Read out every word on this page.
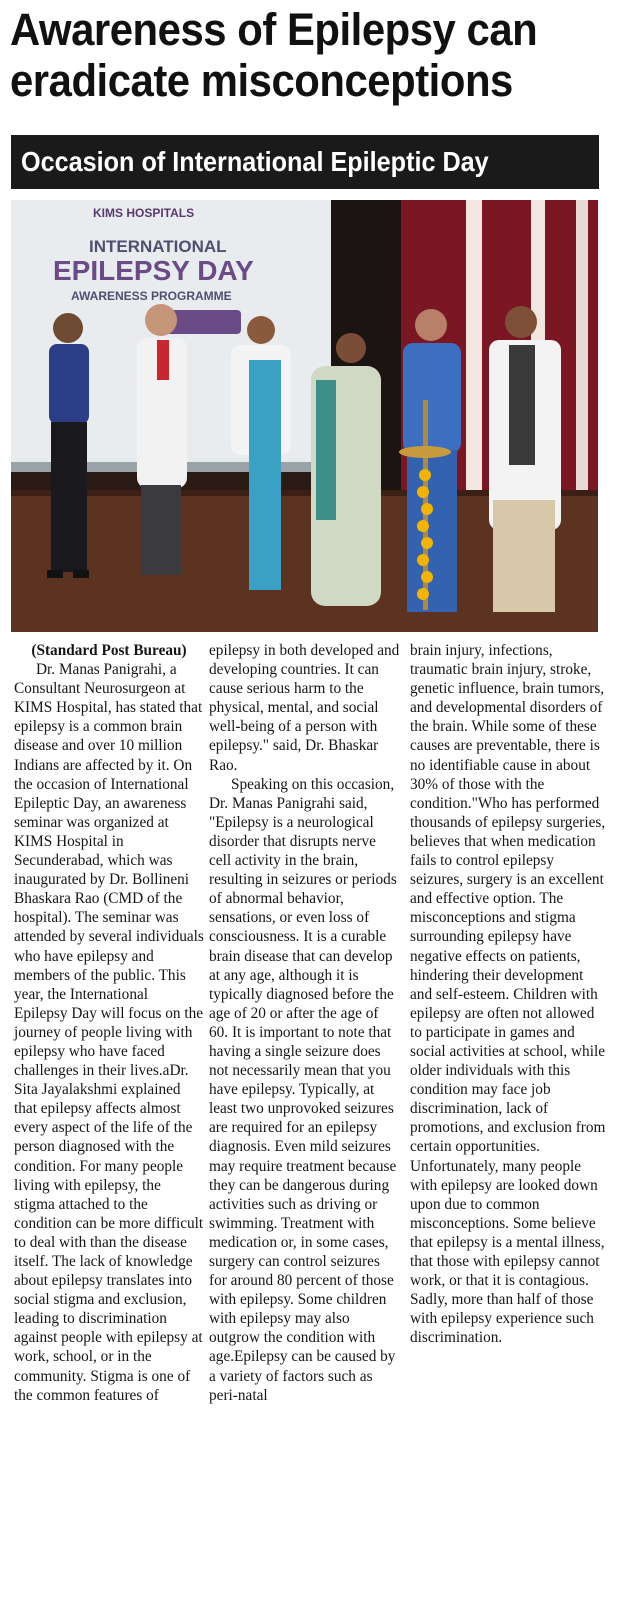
Awareness of Epilepsy can
eradicate misconceptions
Occasion of International Epileptic Day
KIMS HOSPITALS
INTERNATIONAL
EPILEPSY DAY
AWARENESS PROGRAMME

(Standard Post Bureau)

Dr. Manas Panigrahi, a Consultant Neurosurgeon at KIMS Hospital, has stated that epilepsy is a common brain disease and over 10 million Indians are affected by it. On the occasion of International Epileptic Day, an awareness seminar was organized at KIMS Hospital in Secunderabad, which was inaugurated by Dr. Bollineni Bhaskara Rao (CMD of the hospital). The seminar was attended by several individuals who have epilepsy and members of the public. This year, the International Epilepsy Day will focus on the journey of people living with epilepsy who have faced challenges in their lives.aDr. Sita Jayalakshmi explained that epilepsy affects almost every aspect of the life of the person diagnosed with the condition. For many people living with epilepsy, the stigma attached to the condition can be more difficult to deal with than the disease itself. The lack of knowledge about epilepsy translates into social stigma and exclusion, leading to discrimination against people with epilepsy at work, school, or in the community. Stigma is one of the common features of

epilepsy in both developed and developing countries. It can cause serious harm to the physical, mental, and social well-being of a person with epilepsy." said, Dr. Bhaskar Rao.

Speaking on this occasion, Dr. Manas Panigrahi said, "Epilepsy is a neurological disorder that disrupts nerve cell activity in the brain, resulting in seizures or periods of abnormal behavior, sensations, or even loss of consciousness. It is a curable brain disease that can develop at any age, although it is typically diagnosed before the age of 20 or after the age of 60. It is important to note that having a single seizure does not necessarily mean that you have epilepsy. Typically, at least two unprovoked seizures are required for an epilepsy diagnosis. Even mild seizures may require treatment because they can be dangerous during activities such as driving or swimming. Treatment with medication or, in some cases, surgery can control seizures for around 80 percent of those with epilepsy. Some children with epilepsy may also outgrow the condition with age.Epilepsy can be caused by a variety of factors such as peri-natal

brain injury, infections, traumatic brain injury, stroke, genetic influence, brain tumors, and developmental disorders of the brain. While some of these causes are preventable, there is no identifiable cause in about 30% of those with the condition."Who has performed thousands of epilepsy surgeries, believes that when medication fails to control epilepsy seizures, surgery is an excellent and effective option. The misconceptions and stigma surrounding epilepsy have negative effects on patients, hindering their development and self-esteem. Children with epilepsy are often not allowed to participate in games and social activities at school, while older individuals with this condition may face job discrimination, lack of promotions, and exclusion from certain opportunities. Unfortunately, many people with epilepsy are looked down upon due to common misconceptions. Some believe that epilepsy is a mental illness, that those with epilepsy cannot work, or that it is contagious. Sadly, more than half of those with epilepsy experience such discrimination.
